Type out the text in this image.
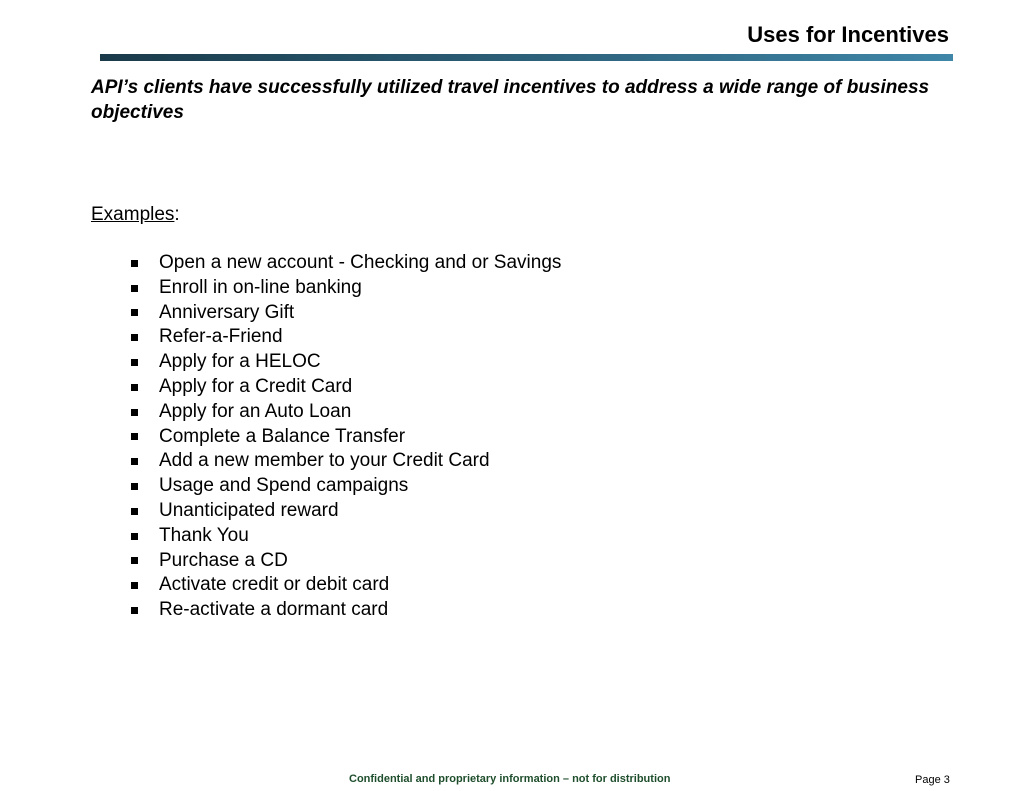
Uses for Incentives
API’s clients have successfully utilized travel incentives to address a wide range of business objectives
Examples:
Open a new account - Checking and or Savings
Enroll in on-line banking
Anniversary Gift
Refer-a-Friend
Apply for a HELOC
Apply for a Credit Card
Apply for an Auto Loan
Complete a Balance Transfer
Add a new member to your Credit Card
Usage and Spend campaigns
Unanticipated reward
Thank You
Purchase a CD
Activate credit or debit card
Re-activate a dormant card
Confidential and proprietary information – not for distribution	Page 3
